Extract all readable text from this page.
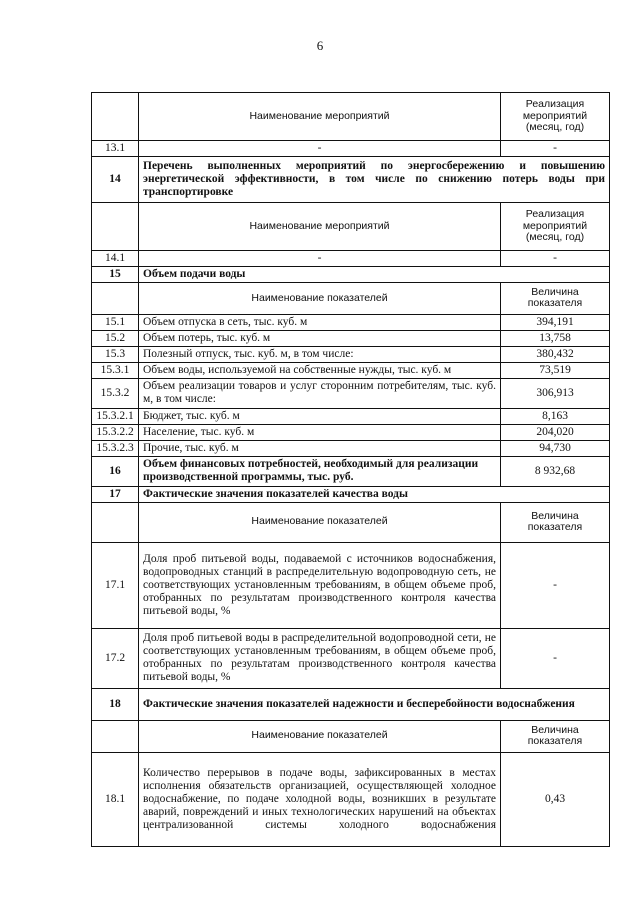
6
	Наименование мероприятий	Реализация мероприятий (месяц, год)
13.1	-	-
14	Перечень выполненных мероприятий по энергосбережению и повышению энергетической эффективности, в том числе по снижению потерь воды при транспортировке	
	Наименование мероприятий	Реализация мероприятий (месяц, год)
14.1	-	-
15	Объем подачи воды	
	Наименование показателей	Величина показателя
15.1	Объем отпуска в сеть, тыс. куб. м	394,191
15.2	Объем потерь, тыс. куб. м	13,758
15.3	Полезный отпуск, тыс. куб. м, в том числе:	380,432
15.3.1	Объем воды, используемой на собственные нужды, тыс. куб. м	73,519
15.3.2	Объем реализации товаров и услуг сторонним потребителям, тыс. куб. м, в том числе:	306,913
15.3.2.1	Бюджет, тыс. куб. м	8,163
15.3.2.2	Население, тыс. куб. м	204,020
15.3.2.3	Прочие, тыс. куб. м	94,730
16	Объем финансовых потребностей, необходимый для реализации производственной программы, тыс. руб.	8 932,68
17	Фактические значения показателей качества воды	
	Наименование показателей	Величина показателя
17.1	Доля проб питьевой воды, подаваемой с источников водоснабжения, водопроводных станций в распределительную водопроводную сеть, не соответствующих установленным требованиям, в общем объеме проб, отобранных по результатам производственного контроля качества питьевой воды, %	-
17.2	Доля проб питьевой воды в распределительной водопроводной сети, не соответствующих установленным требованиям, в общем объеме проб, отобранных по результатам производственного контроля качества питьевой воды, %	-
18	Фактические значения показателей надежности и бесперебойности водоснабжения	
	Наименование показателей	Величина показателя
18.1	Количество перерывов в подаче воды, зафиксированных в местах исполнения обязательств организацией, осуществляющей холодное водоснабжение, по подаче холодной воды, возникших в результате аварий, повреждений и иных технологических нарушений на объектах централизованной системы холодного водоснабжения	0,43
